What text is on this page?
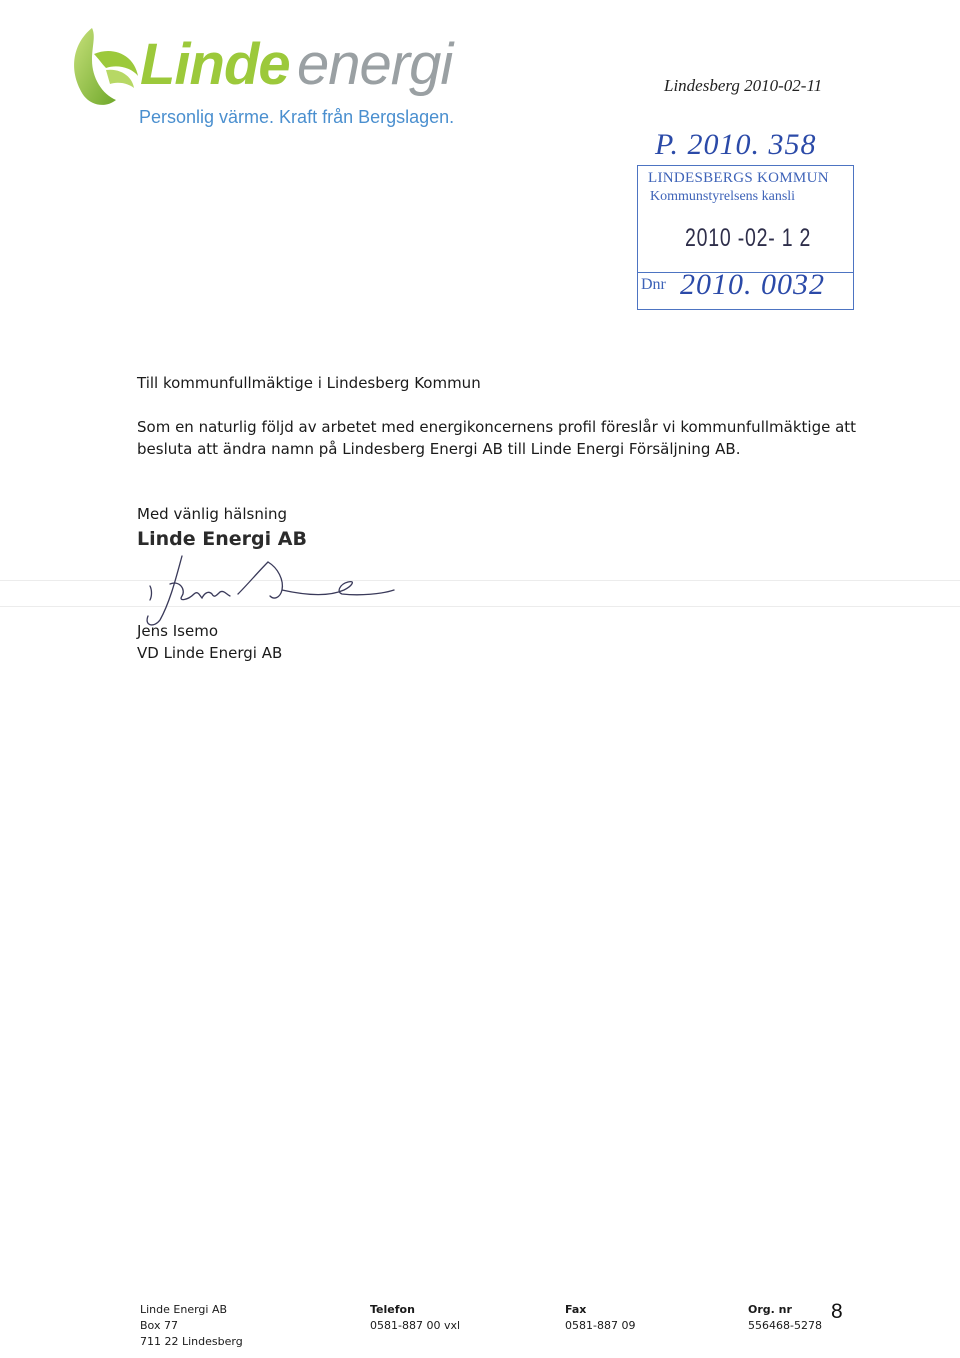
Linde energi
Personlig värme. Kraft från Bergslagen.
Lindesberg 2010-02-11
P. 2010. 358
LINDESBERGS KOMMUN
Kommunstyrelsens kansli
2010 -02- 1 2
Dnr 2010. 0032
Till kommunfullmäktige i Lindesberg Kommun
Som en naturlig följd av arbetet med energikoncernens profil föreslår vi kommunfullmäktige att
besluta att ändra namn på Lindesberg Energi AB till Linde Energi Försäljning AB.
Med vänlig hälsning
Linde Energi AB
Jens Isemo
VD Linde Energi AB
Linde Energi AB
Box 77
711 22 Lindesberg
Telefon
0581-887 00 vxl
Fax
0581-887 09
Org. nr
556468-5278
8
